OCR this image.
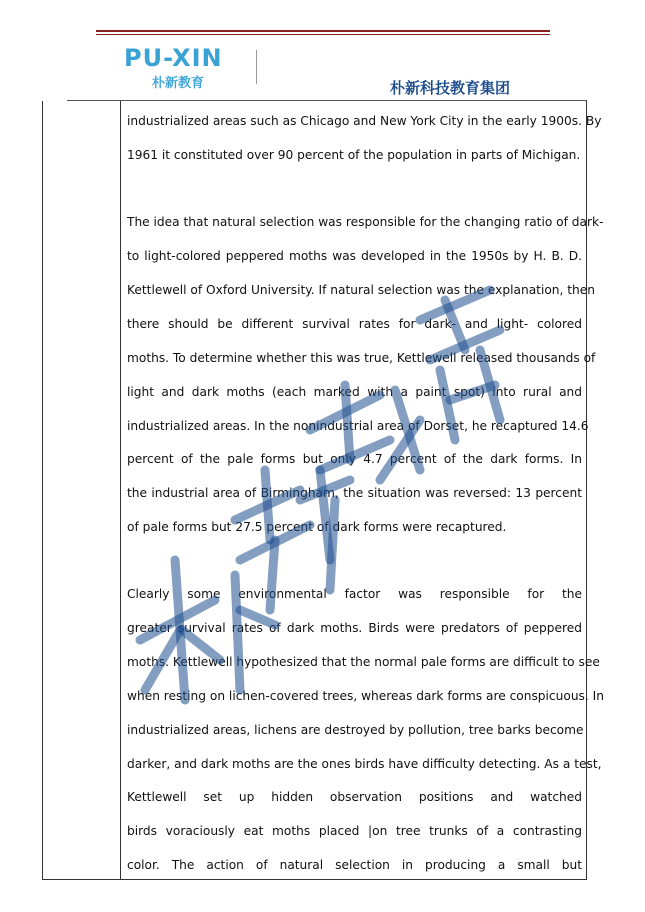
PU-XIN
朴新教育	朴新科技教育集团
industrialized areas such as Chicago and New York City in the early 1900s. By
1961 it constituted over 90 percent of the population in parts of Michigan.
The idea that natural selection was responsible for the changing ratio of dark-
to light-colored peppered moths was developed in the 1950s by H. B. D.
Kettlewell of Oxford University. If natural selection was the explanation, then
there should be different survival rates for dark- and light- colored
moths. To determine whether this was true, Kettlewell released thousands of
light and dark moths (each marked with a paint spot) into rural and
industrialized areas. In the nonindustrial area of Dorset, he recaptured 14.6
percent of the pale forms but only 4.7 percent of the dark forms. In
the industrial area of Birmingham, the situation was reversed: 13 percent
of pale forms but 27.5 percent of dark forms were recaptured.
Clearly some environmental factor was responsible for the
greater survival rates of dark moths. Birds were predators of peppered
moths. Kettlewell hypothesized that the normal pale forms are difficult to see
when resting on lichen-covered trees, whereas dark forms are conspicuous. In
industrialized areas, lichens are destroyed by pollution, tree barks become
darker, and dark moths are the ones birds have difficulty detecting. As a test,
Kettlewell set up hidden observation positions and watched
birds voraciously eat moths placed |on tree trunks of a contrasting
color. The action of natural selection in producing a small but
